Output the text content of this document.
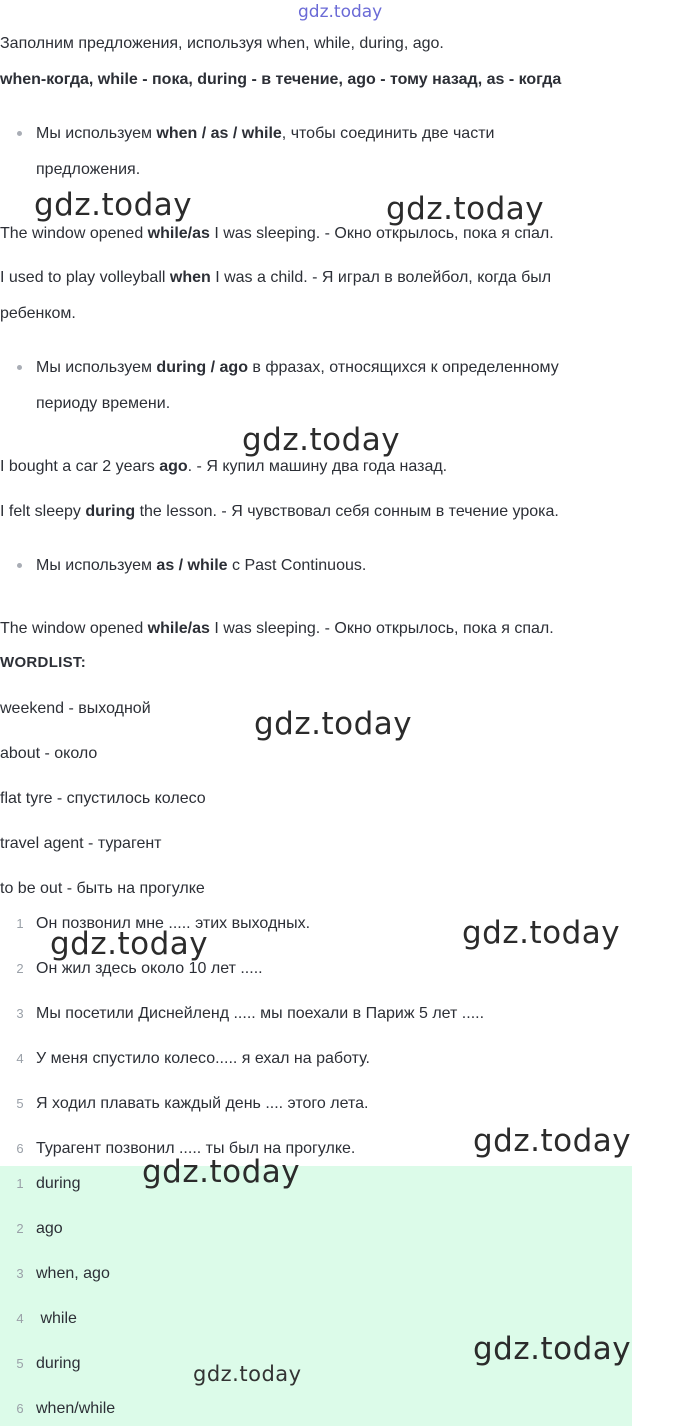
gdz.today
Заполним предложения, используя when, while, during, ago.
when-когда, while - пока, during - в течение, ago - тому назад, as - когда
Мы используем when / as / while, чтобы соединить две части
предложения.
The window opened while/as I was sleeping. - Окно открылось, пока я спал.
I used to play volleyball when I was a child. - Я играл в волейбол, когда был
ребенком.
Мы используем during / ago в фразах, относящихся к определенному
периоду времени.
I bought a car 2 years ago. - Я купил машину два года назад.
I felt sleepy during the lesson. - Я чувствовал себя сонным в течение урока.
Мы используем as / while с Past Continuous.
The window opened while/as I was sleeping. - Окно открылось, пока я спал.
WORDLIST:
weekend - выходной
about - около
flat tyre - спустилось колесо
travel agent - турагент
to be out - быть на прогулке
1 Он позвонил мне ..... этих выходных.
2 Он жил здесь около 10 лет .....
3 Мы посетили Диснейленд ..... мы поехали в Париж 5 лет .....
4 У меня спустило колесо..... я ехал на работу.
5 Я ходил плавать каждый день .... этого лета.
6 Турагент позвонил ..... ты был на прогулке.
1 during
2 ago
3 when, ago
4 while
5 during
6 when/while
gdz.today	gdz.today
gdz.today
gdz.today
gdz.today	gdz.today
gdz.today
gdz.today
gdz.today
gdz.today
